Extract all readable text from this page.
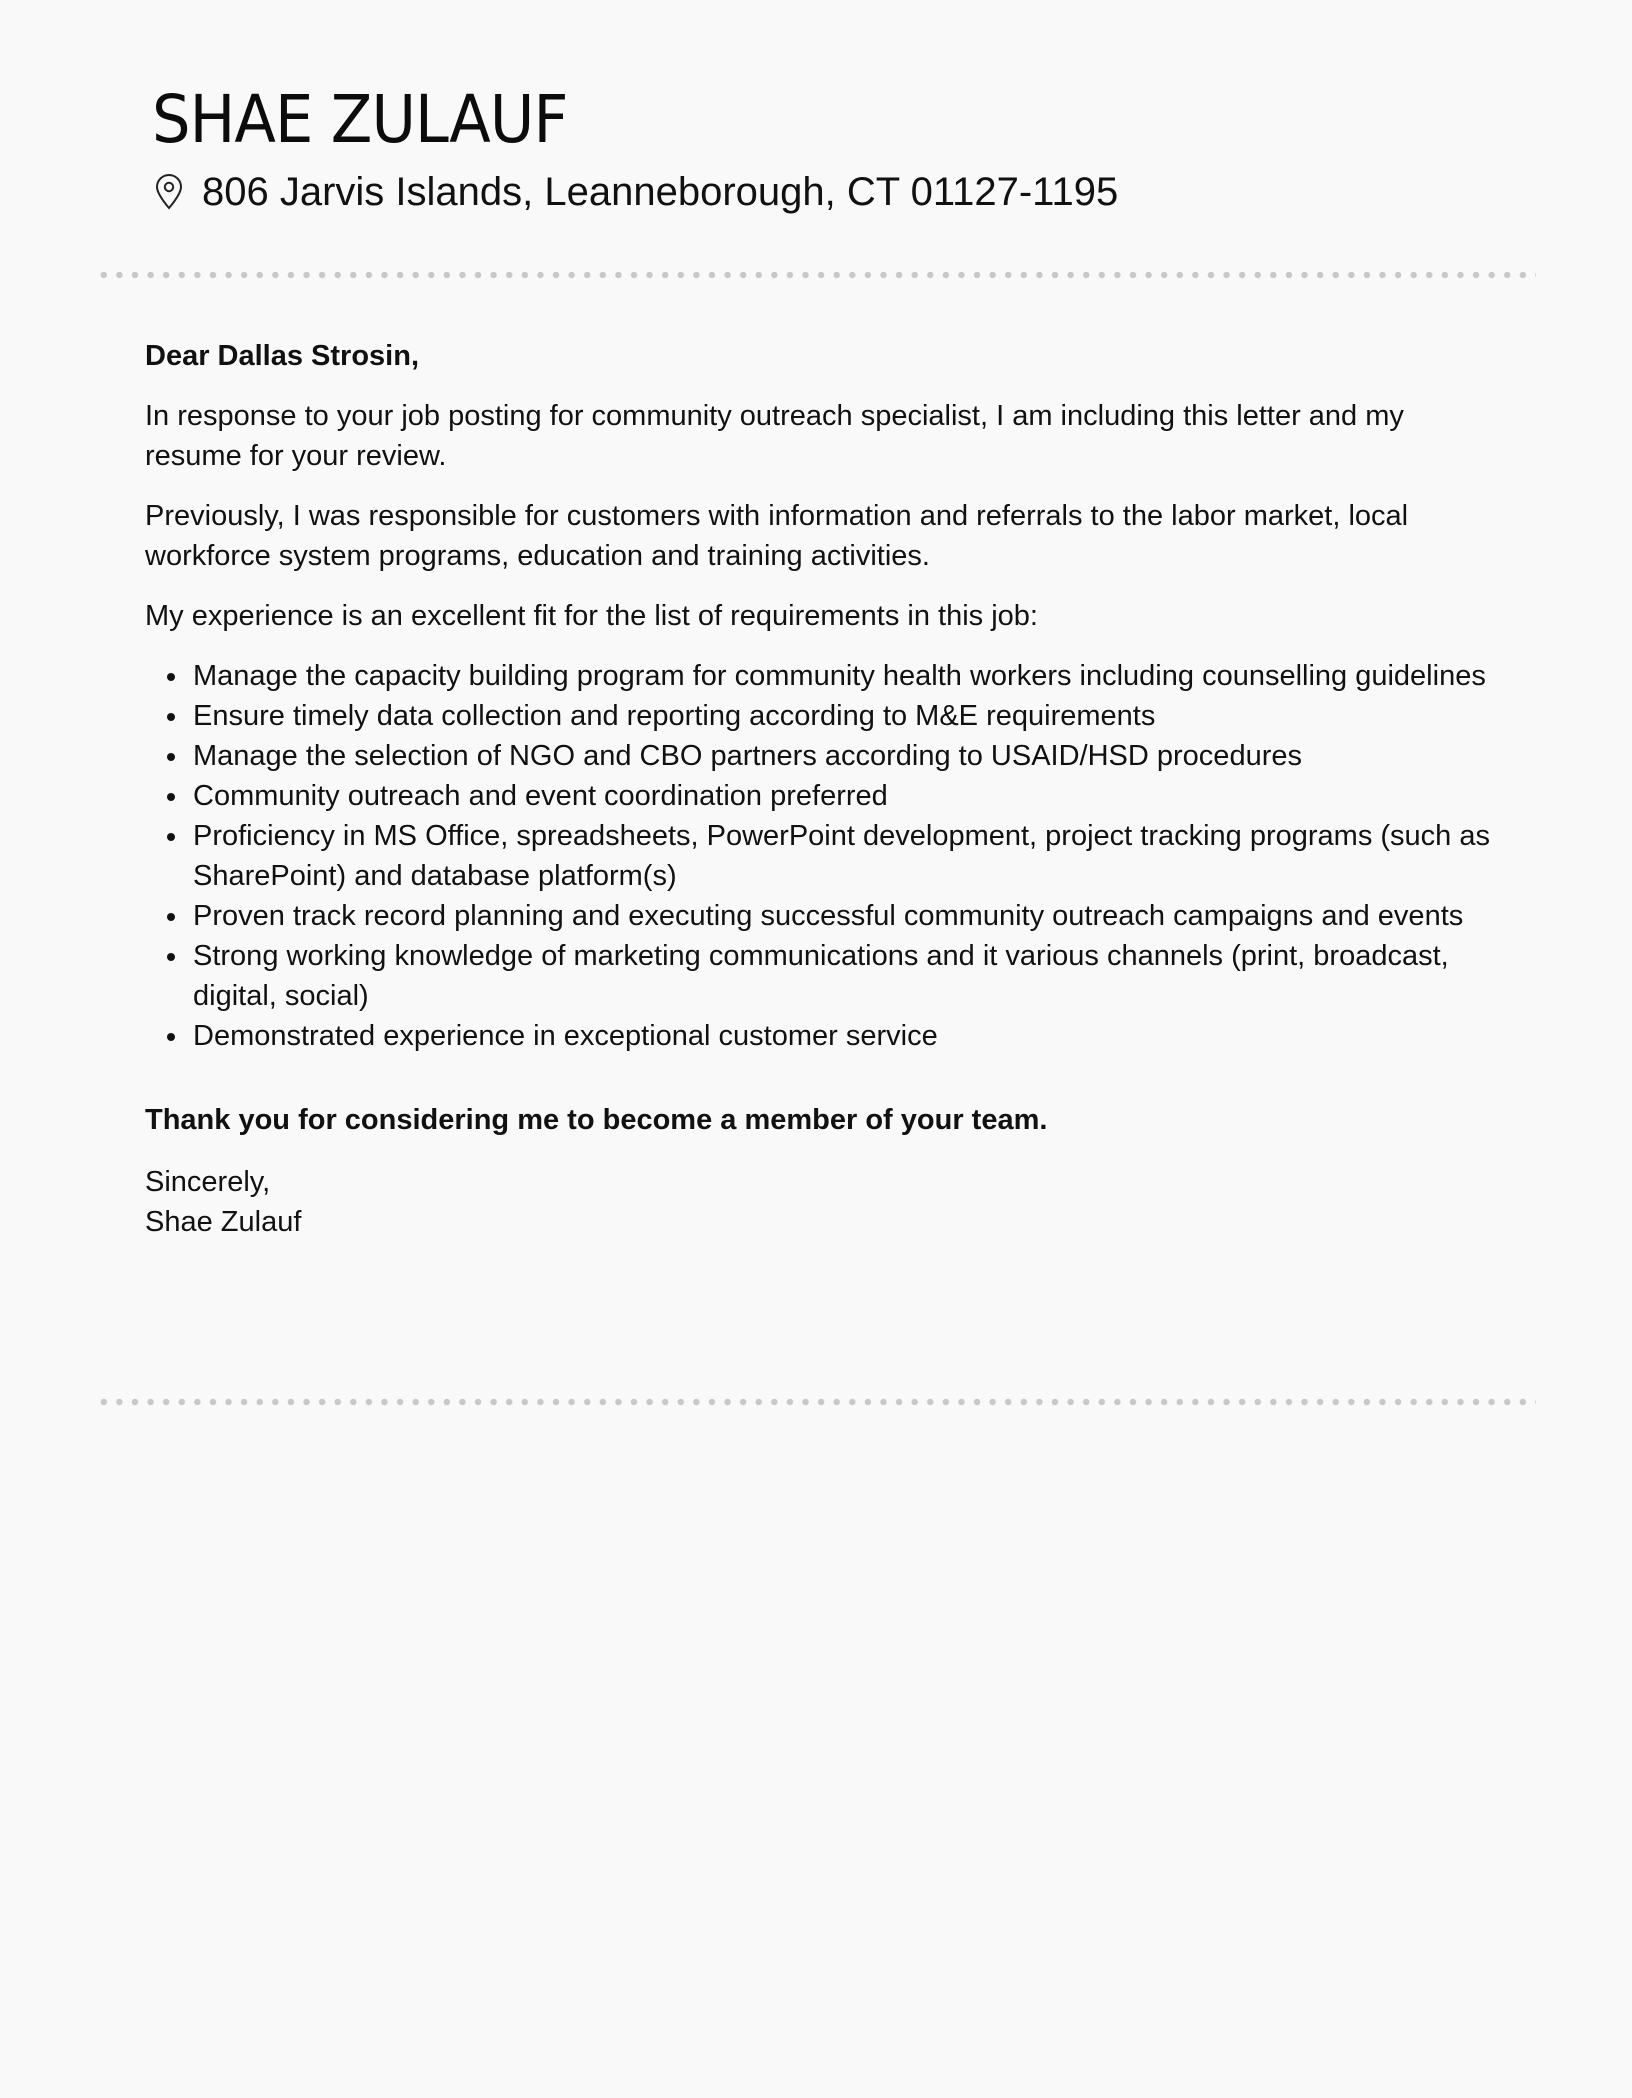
SHAE ZULAUF
806 Jarvis Islands, Leanneborough, CT 01127-1195

Dear Dallas Strosin,

In response to your job posting for community outreach specialist, I am including this letter and my resume for your review.

Previously, I was responsible for customers with information and referrals to the labor market, local workforce system programs, education and training activities.

My experience is an excellent fit for the list of requirements in this job:

Manage the capacity building program for community health workers including counselling guidelines
Ensure timely data collection and reporting according to M&E requirements
Manage the selection of NGO and CBO partners according to USAID/HSD procedures
Community outreach and event coordination preferred
Proficiency in MS Office, spreadsheets, PowerPoint development, project tracking programs (such as SharePoint) and database platform(s)
Proven track record planning and executing successful community outreach campaigns and events
Strong working knowledge of marketing communications and it various channels (print, broadcast, digital, social)
Demonstrated experience in exceptional customer service

Thank you for considering me to become a member of your team.

Sincerely,

Shae Zulauf
